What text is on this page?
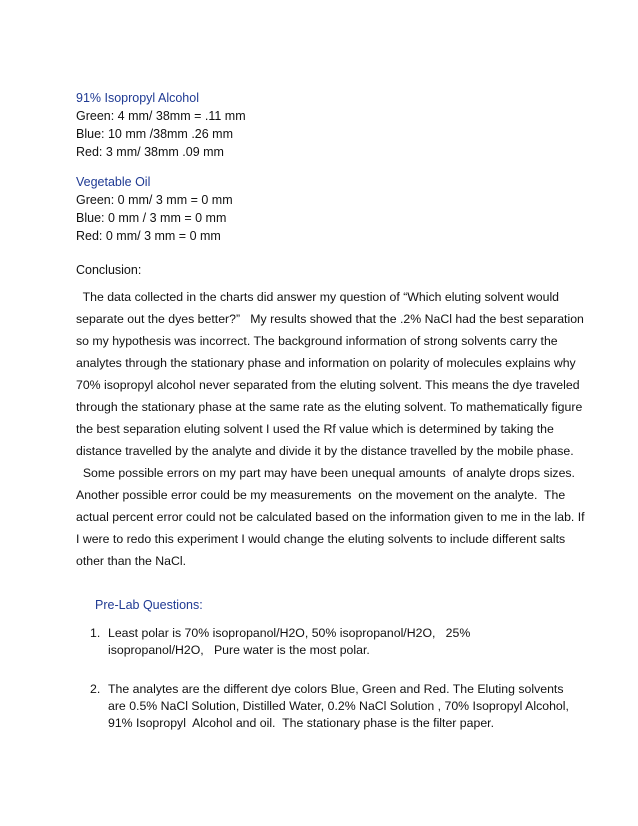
91% Isopropyl Alcohol
Green: 4 mm/ 38mm = .11 mm
Blue: 10 mm /38mm .26 mm
Red: 3 mm/ 38mm .09 mm
Vegetable Oil
Green: 0 mm/ 3 mm = 0 mm
Blue: 0 mm / 3 mm = 0 mm
Red: 0 mm/ 3 mm = 0 mm
Conclusion:
The data collected in the charts did answer my question of “Which eluting solvent would
separate out the dyes better?”   My results showed that the .2% NaCl had the best separation
so my hypothesis was incorrect. The background information of strong solvents carry the
analytes through the stationary phase and information on polarity of molecules explains why
70% isopropyl alcohol never separated from the eluting solvent. This means the dye traveled
through the stationary phase at the same rate as the eluting solvent. To mathematically figure
the best separation eluting solvent I used the Rf value which is determined by taking the
distance travelled by the analyte and divide it by the distance travelled by the mobile phase.
Some possible errors on my part may have been unequal amounts  of analyte drops sizes.
Another possible error could be my measurements  on the movement on the analyte.  The
actual percent error could not be calculated based on the information given to me in the lab. If
I were to redo this experiment I would change the eluting solvents to include different salts
other than the NaCl.
Pre-Lab Questions:
1. Least polar is 70% isopropanol/H2O, 50% isopropanol/H2O,   25%
isopropanol/H2O,   Pure water is the most polar.
2. The analytes are the different dye colors Blue, Green and Red. The Eluting solvents
are 0.5% NaCl Solution, Distilled Water, 0.2% NaCl Solution , 70% Isopropyl Alcohol,
91% Isopropyl  Alcohol and oil.  The stationary phase is the filter paper.
